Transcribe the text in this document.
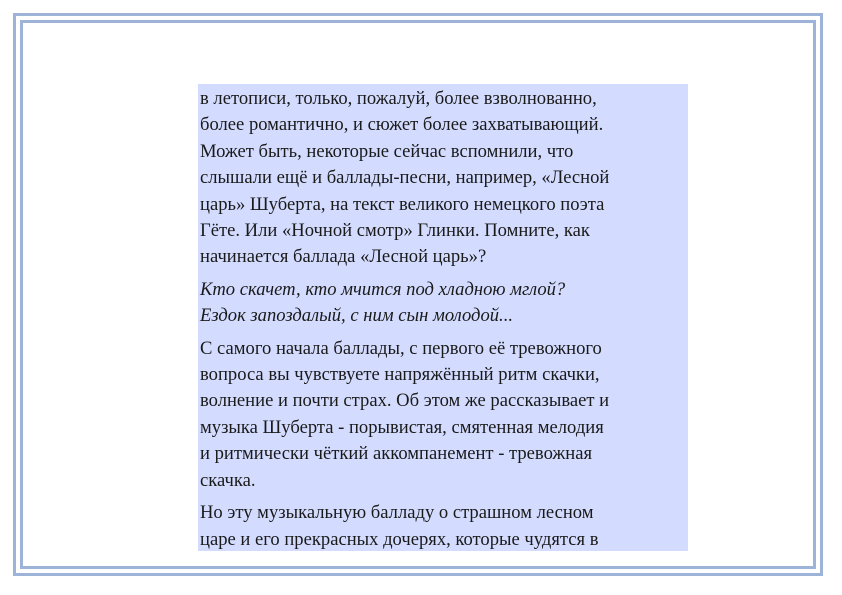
в летописи, только, пожалуй, более взволнованно,
более романтично, и сюжет более захватывающий.
Может быть, некоторые сейчас вспомнили, что
слышали ещё и баллады-песни, например, «Лесной
царь» Шуберта, на текст великого немецкого поэта
Гёте. Или «Ночной смотр» Глинки. Помните, как
начинается баллада «Лесной царь»?

Кто скачет, кто мчится под хладною мглой?
Ездок запоздалый, с ним сын молодой...

С самого начала баллады, с первого её тревожного
вопроса вы чувствуете напряжённый ритм скачки,
волнение и почти страх. Об этом же рассказывает и
музыка Шуберта - порывистая, смятенная мелодия
и ритмически чёткий аккомпанемент - тревожная
скачка.

Но эту музыкальную балладу о страшном лесном
царе и его прекрасных дочерях, которые чудятся в
